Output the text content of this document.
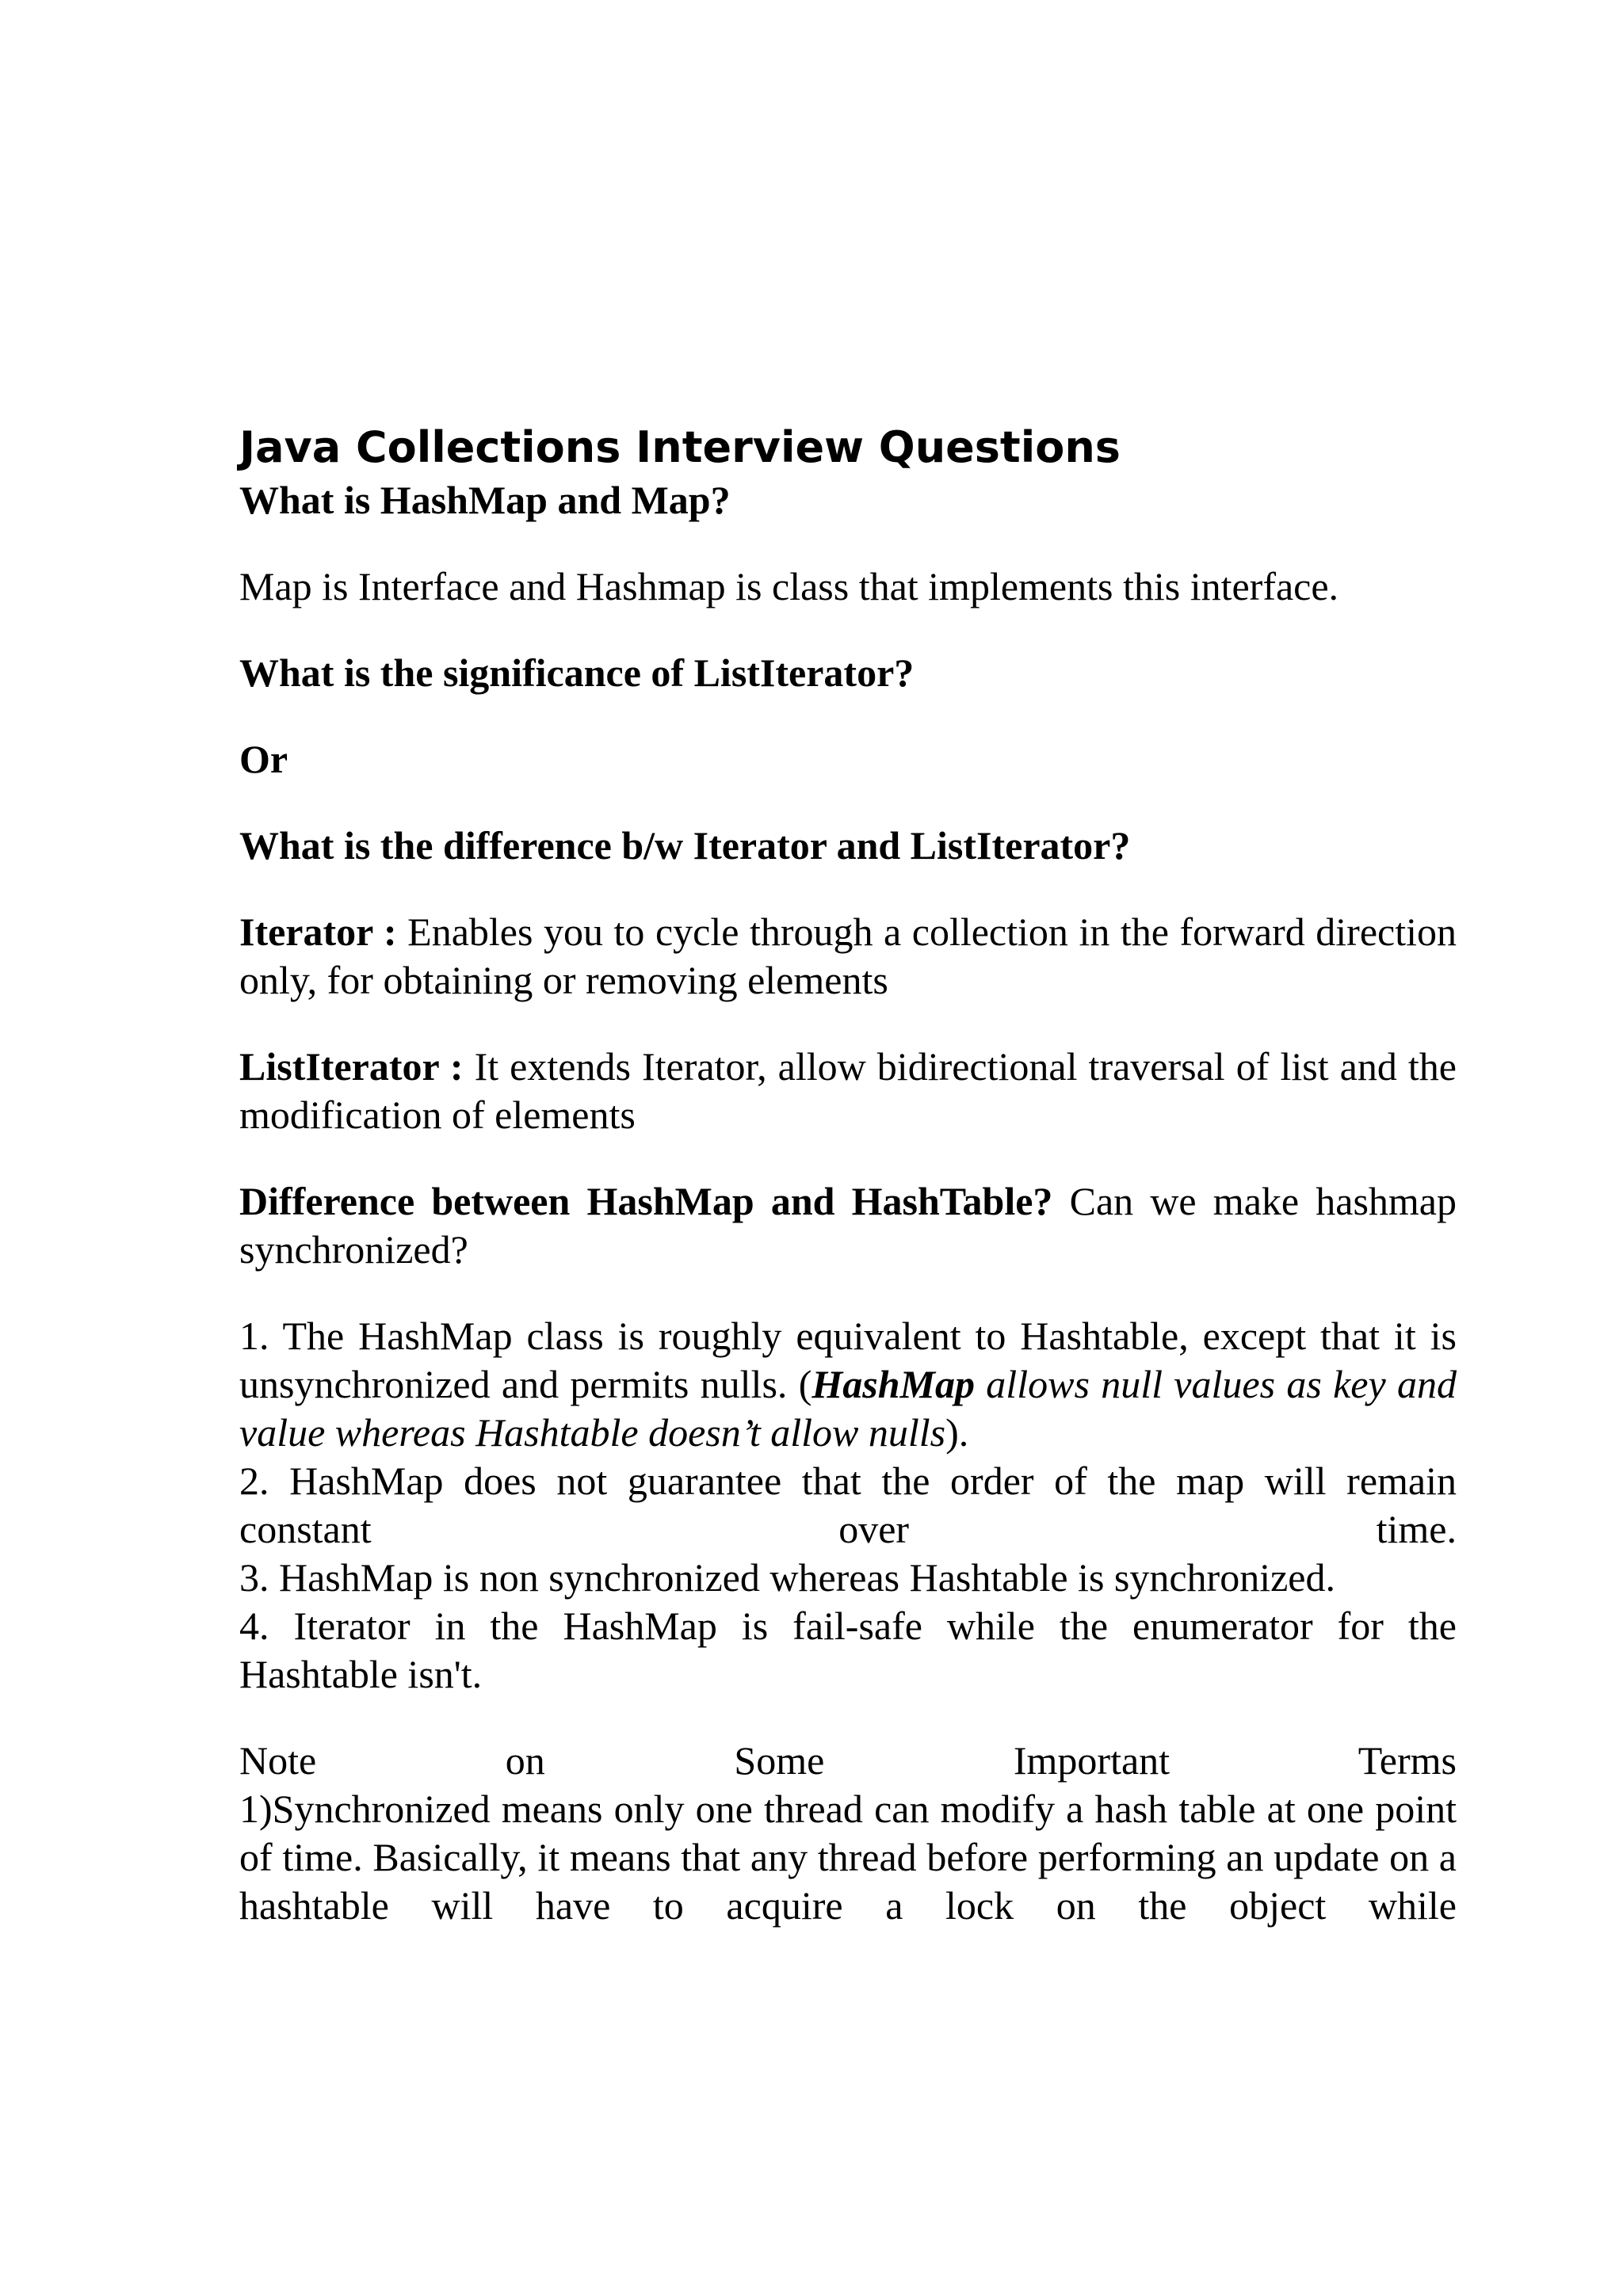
Java Collections Interview Questions

What is HashMap and Map?

Map is Interface and Hashmap is class that implements this interface.

What is the significance of ListIterator?

Or

What is the difference b/w Iterator and ListIterator?

Iterator : Enables you to cycle through a collection in the forward direction only, for obtaining or removing elements

ListIterator : It extends Iterator, allow bidirectional traversal of list and the modification of elements

Difference between HashMap and HashTable? Can we make hashmap synchronized?

1. The HashMap class is roughly equivalent to Hashtable, except that it is unsynchronized and permits nulls. (HashMap allows null values as key and value whereas Hashtable doesn’t allow nulls).

2. HashMap does not guarantee that the order of the map will remain

constant over time.

3. HashMap is non synchronized whereas Hashtable is synchronized.

4. Iterator in the HashMap is fail-safe while the enumerator for the Hashtable isn't.

Note on Some Important Terms

1)Synchronized means only one thread can modify a hash table at one point of time. Basically, it means that any thread before performing an update on a hashtable will have to acquire a lock on the object while
